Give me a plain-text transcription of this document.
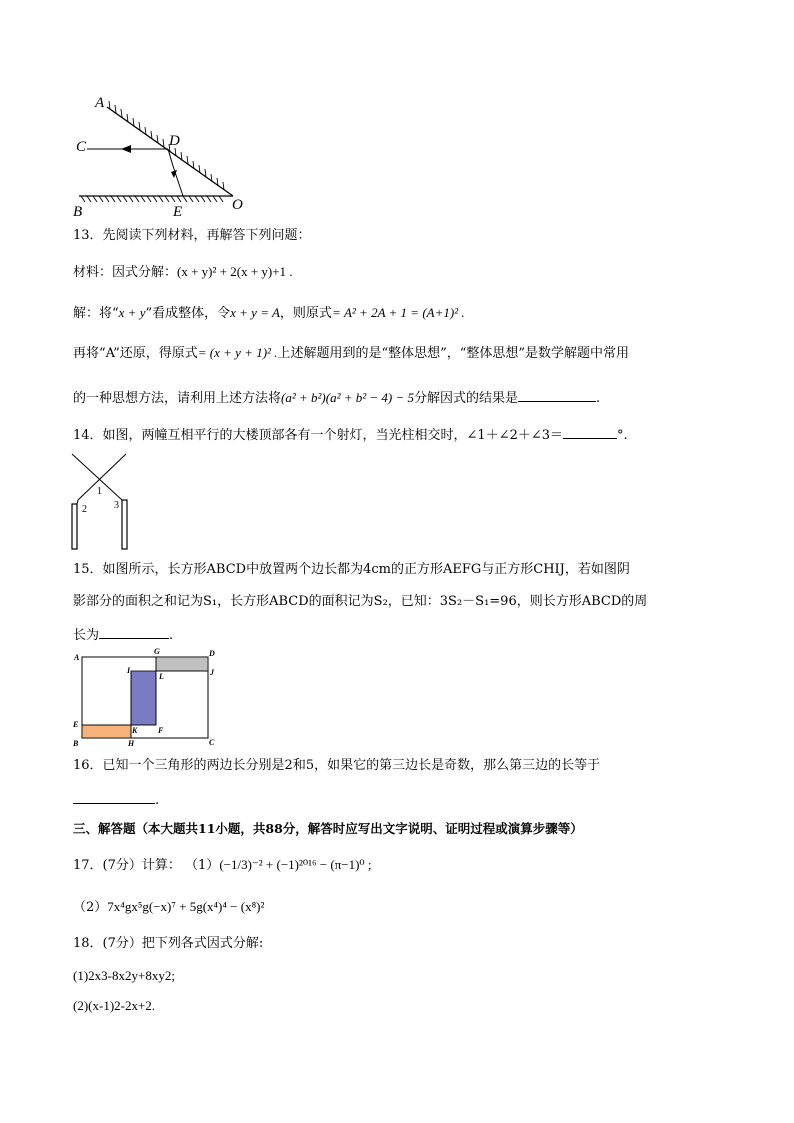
A
C	D
B	E	O
13．先阅读下列材料，再解答下列问题：
材料：因式分解：(x + y)² + 2(x + y)+1 .
解：将“x + y”看成整体，令x + y = A，则原式= A² + 2A + 1 = (A+1)² .
再将“A”还原，得原式= (x + y + 1)² .上述解题用到的是“整体思想”，“整体思想”是数学解题中常用
的一种思想方法，请利用上述方法将(a² + b²)(a² + b² − 4) − 5分解因式的结果是	.
14．如图，两幢互相平行的大楼顶部各有一个射灯，当光柱相交时，∠1＋∠2＋∠3＝	°.
1
2	3
15．如图所示，长方形ABCD中放置两个边长都为4cm的正方形AEFG与正方形CHIJ，若如图阴
影部分的面积之和记为S₁，长方形ABCD的面积记为S₂，已知：3S₂－S₁=96，则长方形ABCD的周
长为	.
A
G	D
I
L	J
E
K	F
B	H	C
16．已知一个三角形的两边长分别是2和5，如果它的第三边长是奇数，那么第三边的长等于
.
三、解答题（本大题共11小题，共88分，解答时应写出文字说明、证明过程或演算步骤等）
17．(7分）计算： （1）(−1/3)⁻² + (−1)²⁰¹⁶ − (π−1)⁰ ;
（2）7x⁴gx⁵g(−x)⁷ + 5g(x⁴)⁴ − (x⁸)²
18．(7分）把下列各式因式分解:
(1)2x3-8x2y+8xy2;
(2)(x-1)2-2x+2.
